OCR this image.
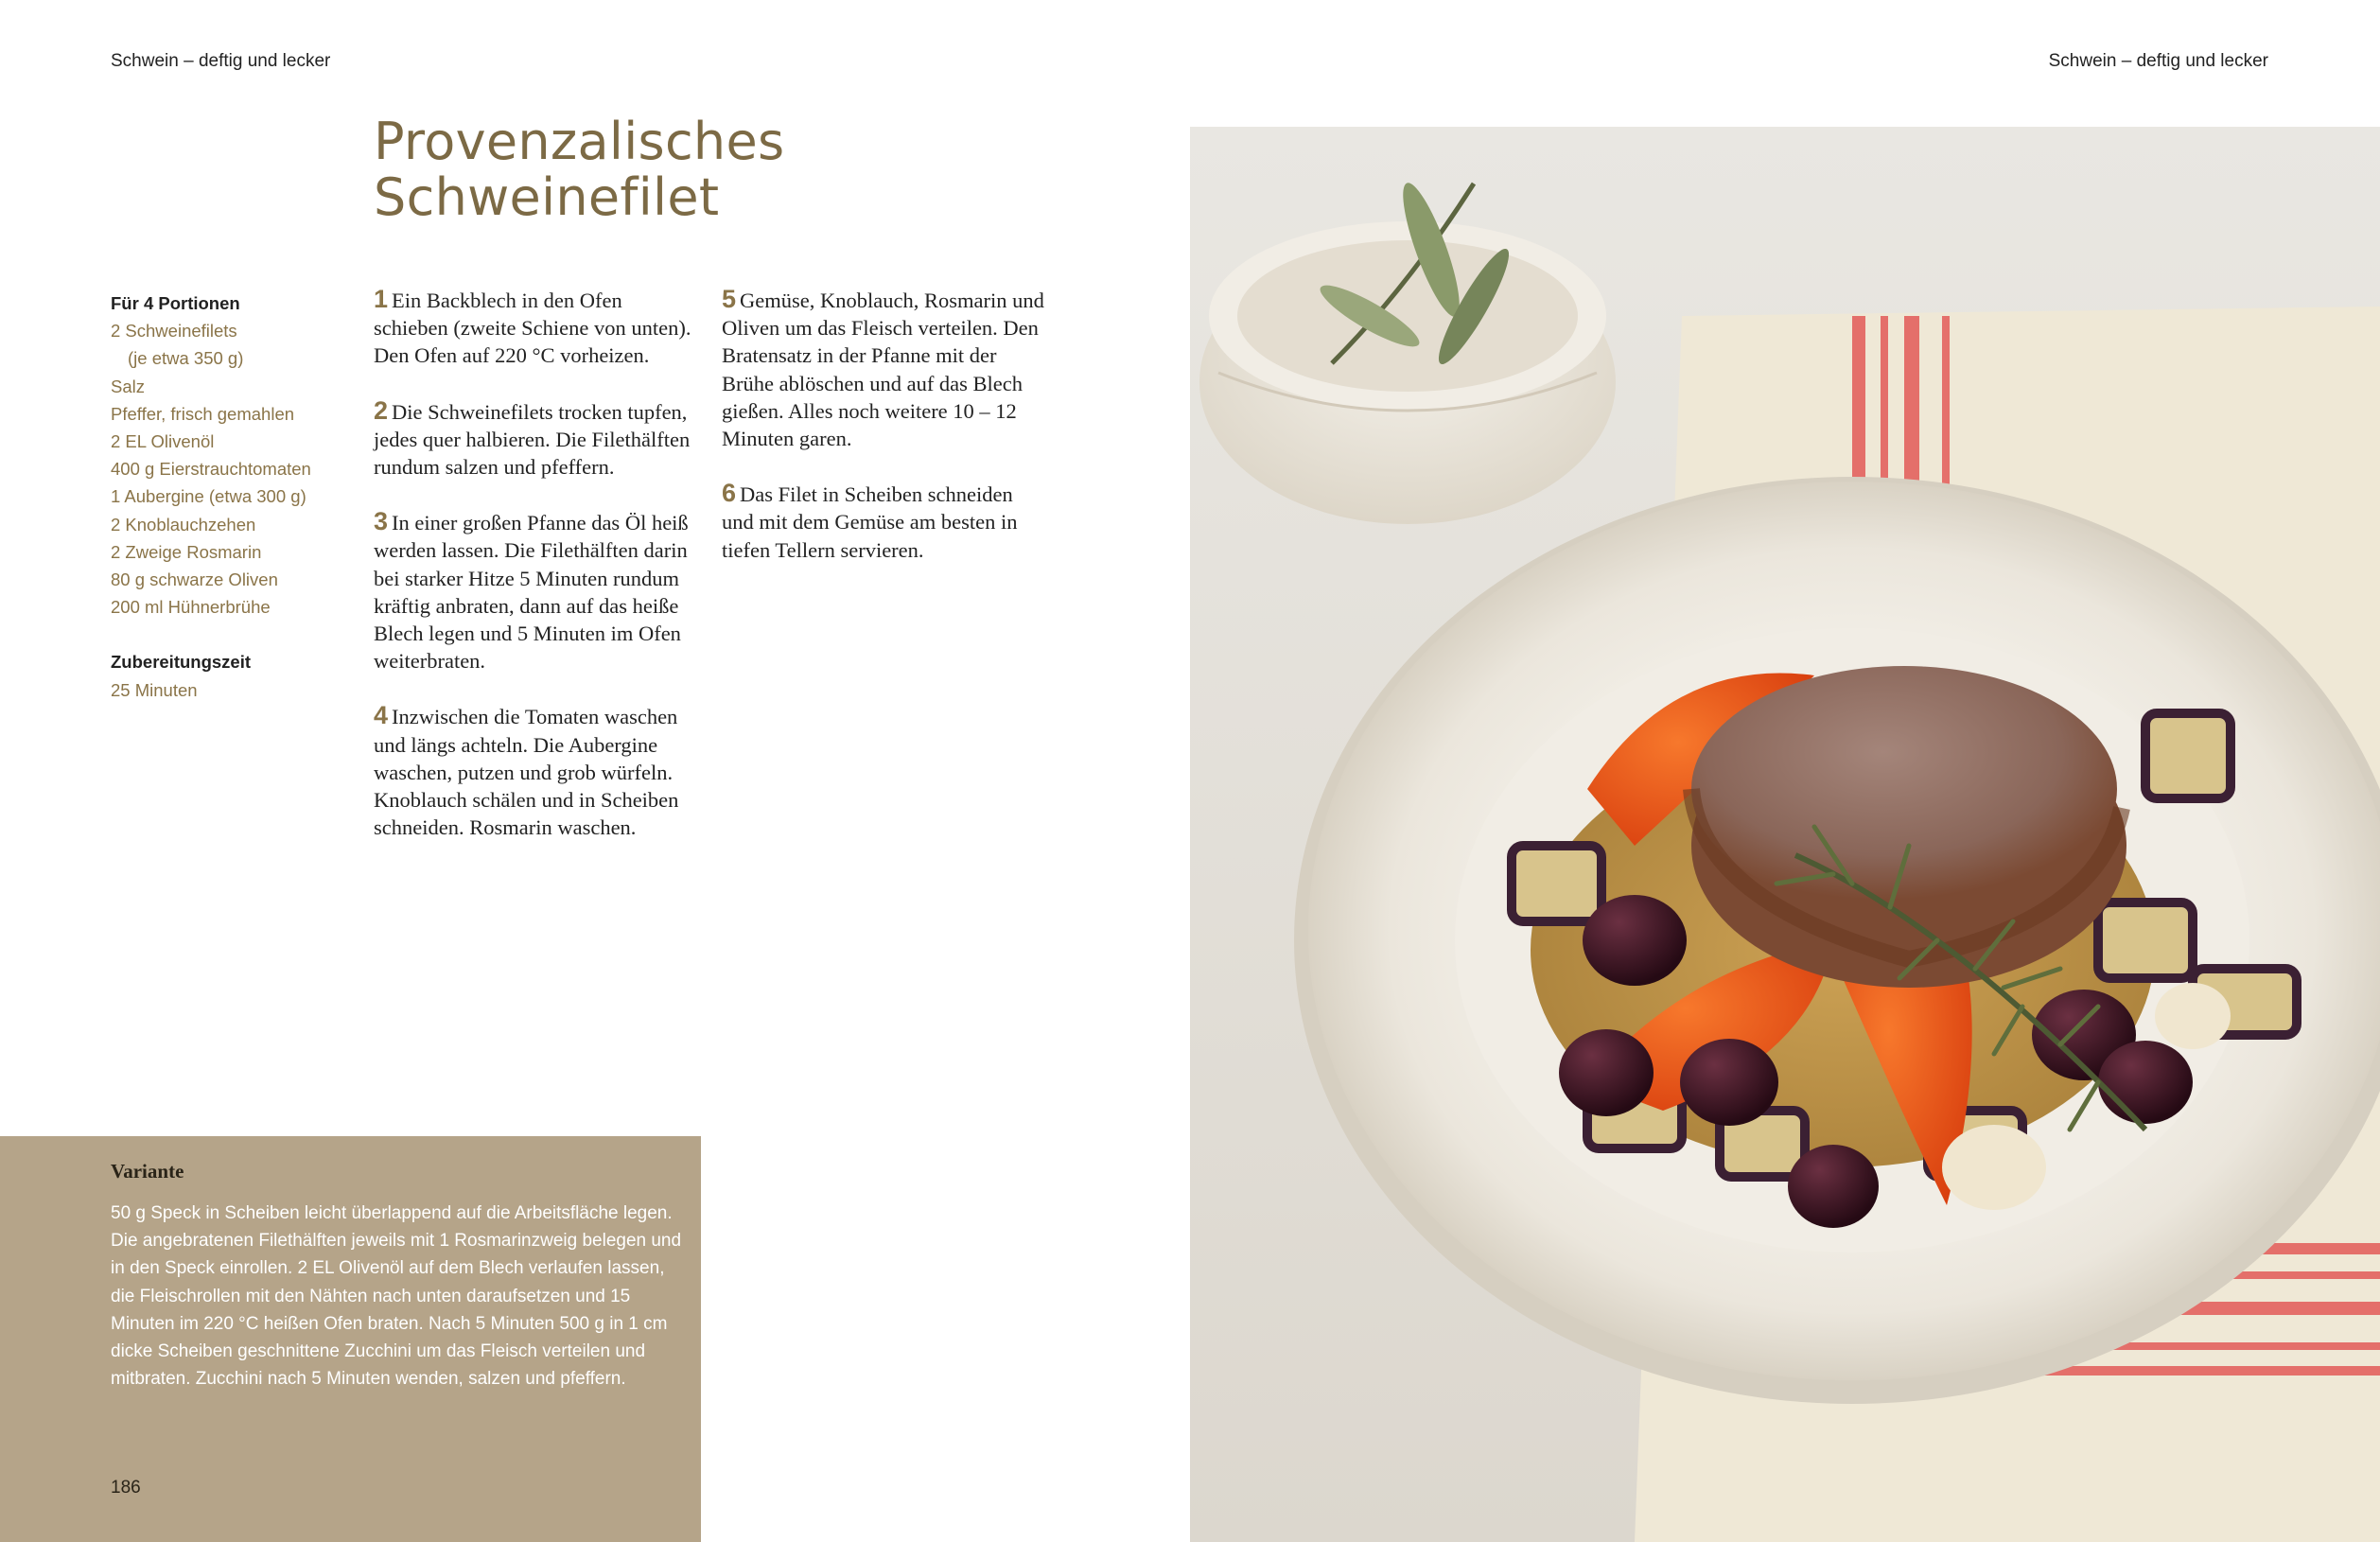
Schwein – deftig und lecker
Provenzalisches
Schweinefilet
Für 4 Portionen
2 Schweinefilets
(je etwa 350 g)
Salz
Pfeffer, frisch gemahlen
2 EL Olivenöl
400 g Eierstrauchtomaten
1 Aubergine (etwa 300 g)
2 Knoblauchzehen
2 Zweige Rosmarin
80 g schwarze Oliven
200 ml Hühnerbrühe
Zubereitungszeit
25 Minuten

1 Ein Backblech in den Ofen schieben (zweite Schiene von unten). Den Ofen auf 220 °C vorheizen.

2 Die Schweinefilets trocken tupfen, jedes quer halbieren. Die Filethälften rundum salzen und pfeffern.

3 In einer großen Pfanne das Öl heiß werden lassen. Die Filethälften darin bei starker Hitze 5 Minuten rundum kräftig anbraten, dann auf das heiße Blech legen und 5 Minuten im Ofen weiterbraten.

4 Inzwischen die Tomaten waschen und längs achteln. Die Aubergine waschen, putzen und grob würfeln. Knoblauch schälen und in Scheiben schneiden. Rosmarin waschen.

5 Gemüse, Knoblauch, Rosmarin und Oliven um das Fleisch verteilen. Den Bratensatz in der Pfanne mit der Brühe ablöschen und auf das Blech gießen. Alles noch weitere 10 – 12 Minuten garen.

6 Das Filet in Scheiben schneiden und mit dem Gemüse am besten in tiefen Tellern servieren.

Variante
50 g Speck in Scheiben leicht überlappend auf die Arbeitsfläche legen. Die angebratenen Filethälften jeweils mit 1 Rosmarinzweig belegen und in den Speck einrollen. 2 EL Olivenöl auf dem Blech verlaufen lassen, die Fleischrollen mit den Nähten nach unten daraufsetzen und 15 Minuten im 220 °C heißen Ofen braten. Nach 5 Minuten 500 g in 1 cm dicke Scheiben geschnittene Zucchini um das Fleisch verteilen und mitbraten. Zucchini nach 5 Minuten wenden, salzen und pfeffern.
186
Schwein – deftig und lecker
